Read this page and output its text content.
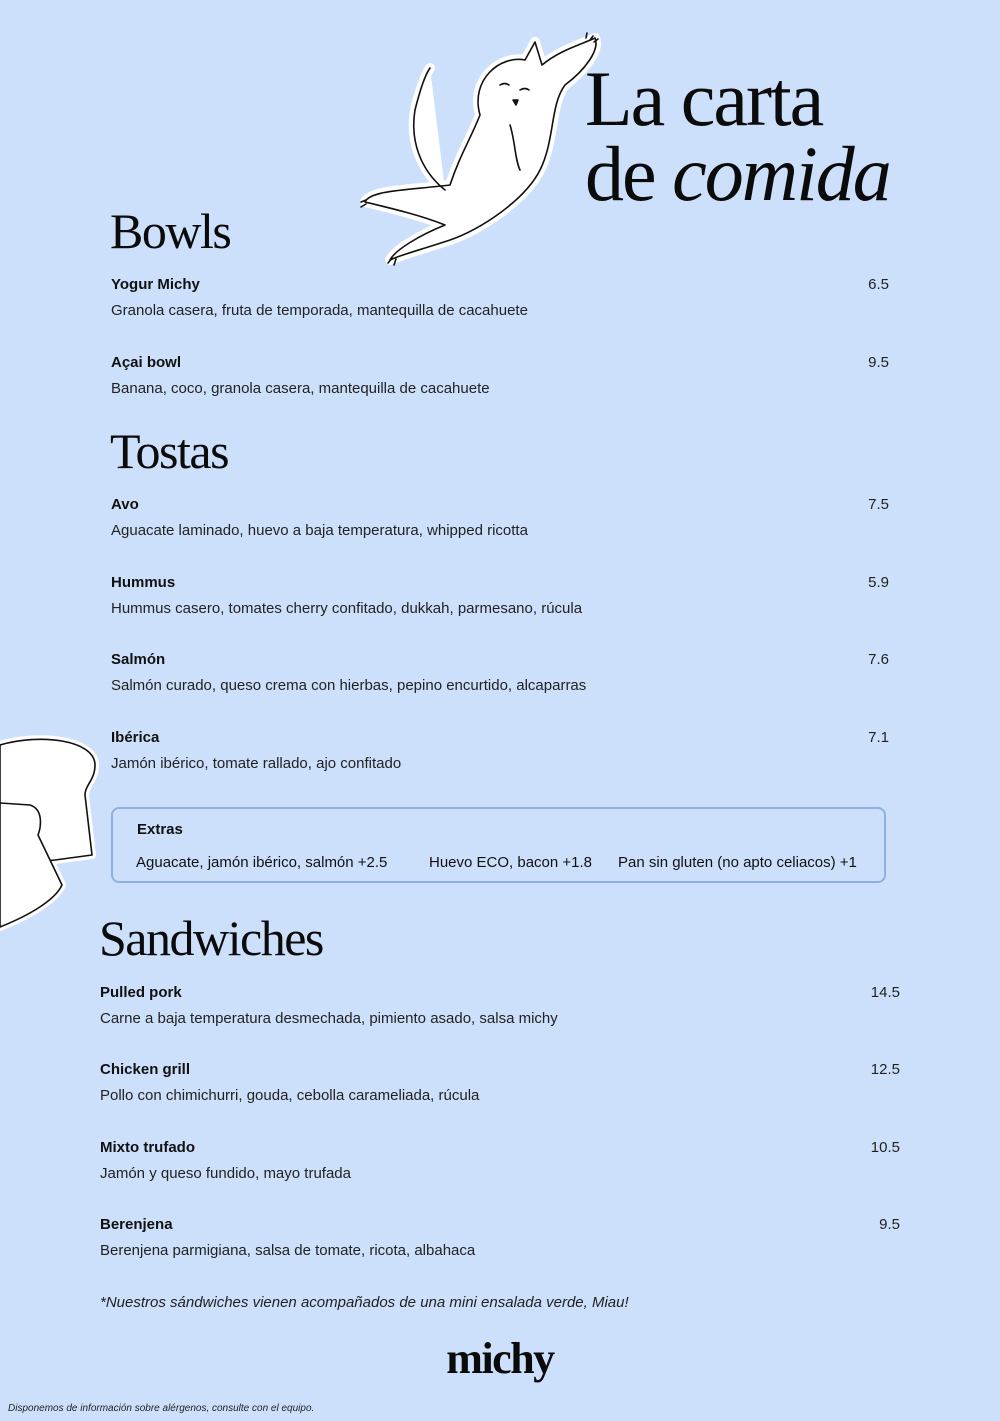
La carta
de comida
Bowls
Yogur Michy
Granola casera, fruta de temporada, mantequilla de cacahuete
6.5
Açai bowl
Banana, coco, granola casera, mantequilla de cacahuete
9.5
Tostas
Avo
Aguacate laminado, huevo a baja temperatura, whipped ricotta
7.5
Hummus
Hummus casero, tomates cherry confitado, dukkah, parmesano, rúcula
5.9
Salmón
Salmón curado, queso crema con hierbas, pepino encurtido, alcaparras
7.6
Ibérica
Jamón ibérico, tomate rallado, ajo confitado
7.1
Extras
Aguacate, jamón ibérico, salmón +2.5	Huevo ECO, bacon +1.8 Pan sin gluten (no apto celiacos) +1
Sandwiches
Pulled pork
Carne a baja temperatura desmechada, pimiento asado, salsa michy
14.5
Chicken grill
Pollo con chimichurri, gouda, cebolla carameliada, rúcula
12.5
Mixto trufado
Jamón y queso fundido, mayo trufada
10.5
Berenjena
Berenjena parmigiana, salsa de tomate, ricota, albahaca
9.5
*Nuestros sándwiches vienen acompañados de una mini ensalada verde, Miau!
michy
Disponemos de información sobre alérgenos, consulte con el equipo.
